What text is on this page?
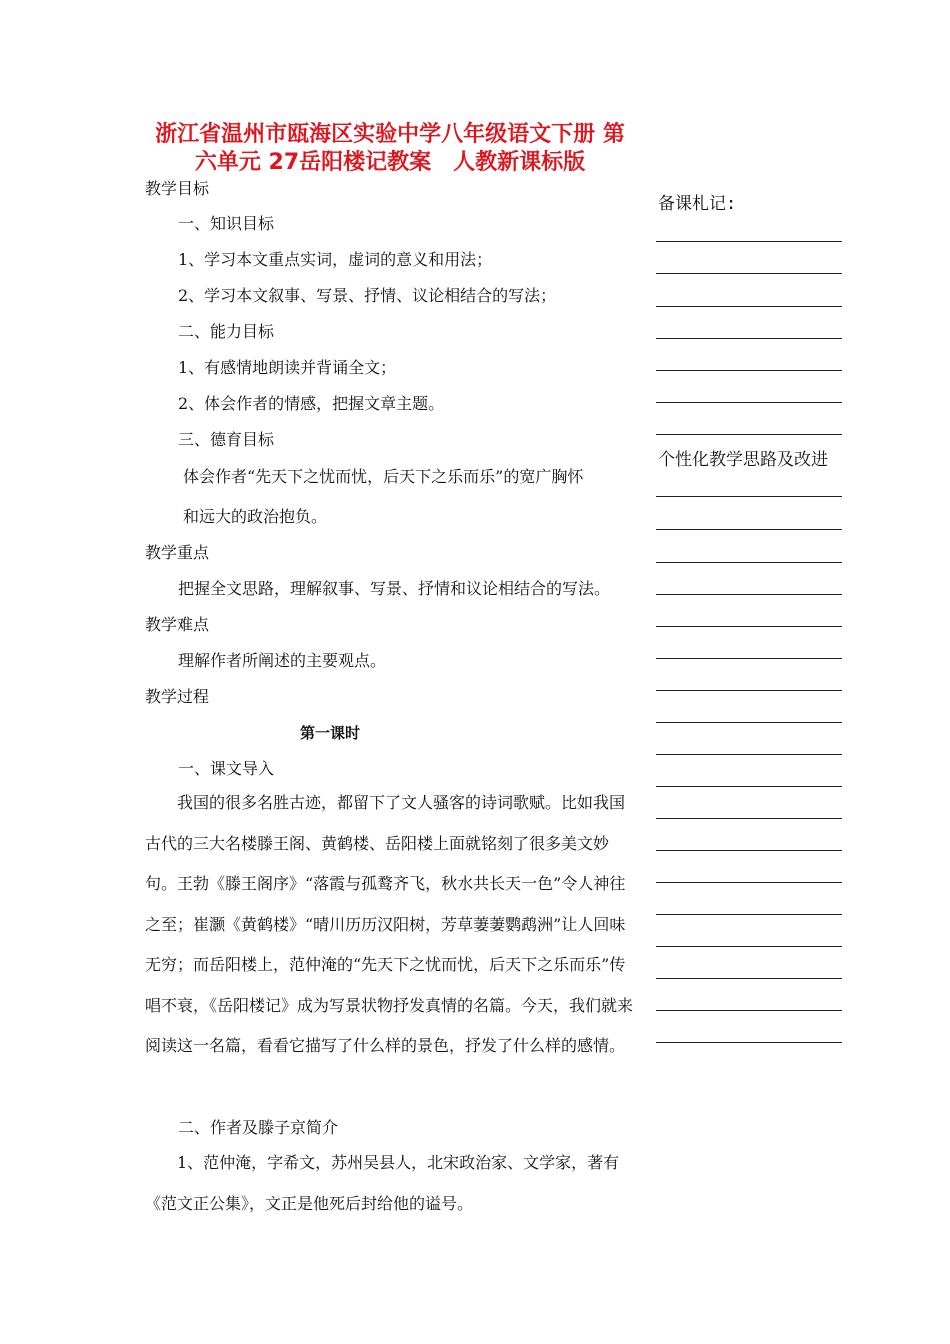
浙江省温州市瓯海区实验中学八年级语文下册 第
六单元 27岳阳楼记教案　人教新课标版
教学目标
一、知识目标
1、学习本文重点实词，虚词的意义和用法；
2、学习本文叙事、写景、抒情、议论相结合的写法；
二、能力目标
1、有感情地朗读并背诵全文；
2、体会作者的情感，把握文章主题。
三、德育目标
体会作者“先天下之忧而忧，后天下之乐而乐”的宽广胸怀
和远大的政治抱负。
教学重点
把握全文思路，理解叙事、写景、抒情和议论相结合的写法。
教学难点
理解作者所阐述的主要观点。
教学过程
第一课时
一、课文导入
我国的很多名胜古迹，都留下了文人骚客的诗词歌赋。比如我国古代的三大名楼滕王阁、黄鹤楼、岳阳楼上面就铭刻了很多美文妙句。王勃《滕王阁序》“落霞与孤鹜齐飞，秋水共长天一色”令人神往之至；崔灏《黄鹤楼》“晴川历历汉阳树，芳草萋萋鹦鹉洲”让人回味无穷；而岳阳楼上，范仲淹的“先天下之忧而忧，后天下之乐而乐”传唱不衰，《岳阳楼记》成为写景状物抒发真情的名篇。今天，我们就来阅读这一名篇，看看它描写了什么样的景色，抒发了什么样的感情。
二、作者及滕子京简介
1、范仲淹，字希文，苏州吴县人，北宋政治家、文学家，著有《范文正公集》，文正是他死后封给他的谥号。
备课札记:
个性化教学思路及改进
